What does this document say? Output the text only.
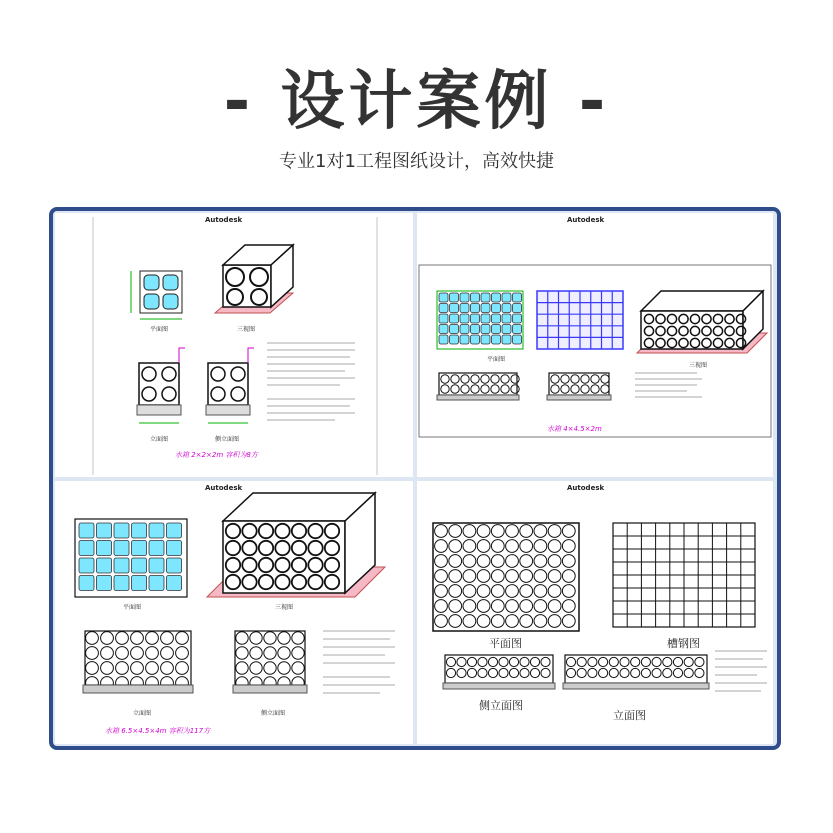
- 设计案例 -
专业1对1工程图纸设计，高效快捷
Autodesk
平面图	三视图
立面图	侧立面图
水箱 2×2×2m 容积为8方
Autodesk
平面图
三视图
水箱 4×4.5×2m
Autodesk
平面图	三视图
立面图	侧立面图
水箱 6.5×4.5×4m 容积为117方
Autodesk
平面图	槽钢图
侧立面图
立面图
